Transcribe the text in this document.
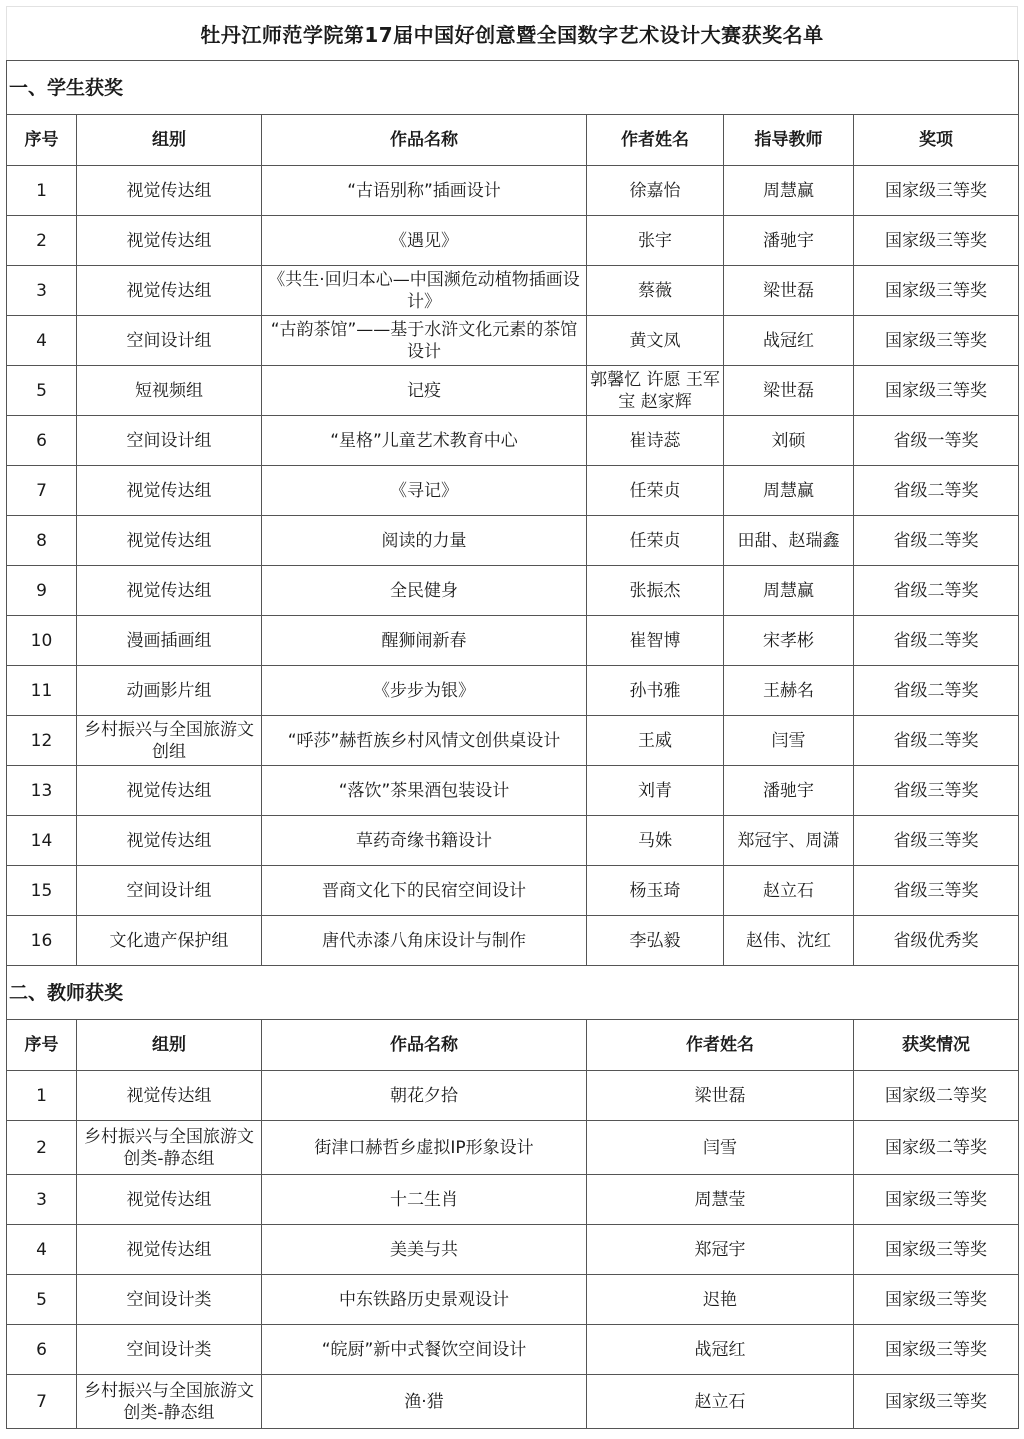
牡丹江师范学院第17届中国好创意暨全国数字艺术设计大赛获奖名单
一、学生获奖					
序号	组别	作品名称	作者姓名	指导教师	奖项
1	视觉传达组	“古语别称”插画设计	徐嘉怡	周慧赢	国家级三等奖
2	视觉传达组	《遇见》	张宇	潘驰宇	国家级三等奖
3	视觉传达组	《共生·回归本心—中国濒危动植物插画设计》	蔡薇	梁世磊	国家级三等奖
4	空间设计组	“古韵茶馆”——基于水浒文化元素的茶馆设计	黄文凤	战冠红	国家级三等奖
5	短视频组	记疫	郭馨忆 许愿 王军宝 赵家辉	梁世磊	国家级三等奖
6	空间设计组	“星格”儿童艺术教育中心	崔诗蕊	刘硕	省级一等奖
7	视觉传达组	《寻记》	任荣贞	周慧赢	省级二等奖
8	视觉传达组	阅读的力量	任荣贞	田甜、赵瑞鑫	省级二等奖
9	视觉传达组	全民健身	张振杰	周慧赢	省级二等奖
10	漫画插画组	醒狮闹新春	崔智博	宋孝彬	省级二等奖
11	动画影片组	《步步为银》	孙书雅	王赫名	省级二等奖
12	乡村振兴与全国旅游文创组	“呼莎”赫哲族乡村风情文创供桌设计	王威	闫雪	省级二等奖
13	视觉传达组	“落饮”茶果酒包装设计	刘青	潘驰宇	省级三等奖
14	视觉传达组	草药奇缘书籍设计	马姝	郑冠宇、周潇	省级三等奖
15	空间设计组	晋商文化下的民宿空间设计	杨玉琦	赵立石	省级三等奖
16	文化遗产保护组	唐代赤漆八角床设计与制作	李弘毅	赵伟、沈红	省级优秀奖
二、教师获奖					
序号	组别	作品名称	作者姓名		获奖情况
1	视觉传达组	朝花夕拾	梁世磊		国家级二等奖
2	乡村振兴与全国旅游文创类-静态组	街津口赫哲乡虚拟IP形象设计	闫雪		国家级二等奖
3	视觉传达组	十二生肖	周慧莹		国家级三等奖
4	视觉传达组	美美与共	郑冠宇		国家级三等奖
5	空间设计类	中东铁路历史景观设计	迟艳		国家级三等奖
6	空间设计类	“皖厨”新中式餐饮空间设计	战冠红		国家级三等奖
7	乡村振兴与全国旅游文创类-静态组	渔·猎	赵立石		国家级三等奖
